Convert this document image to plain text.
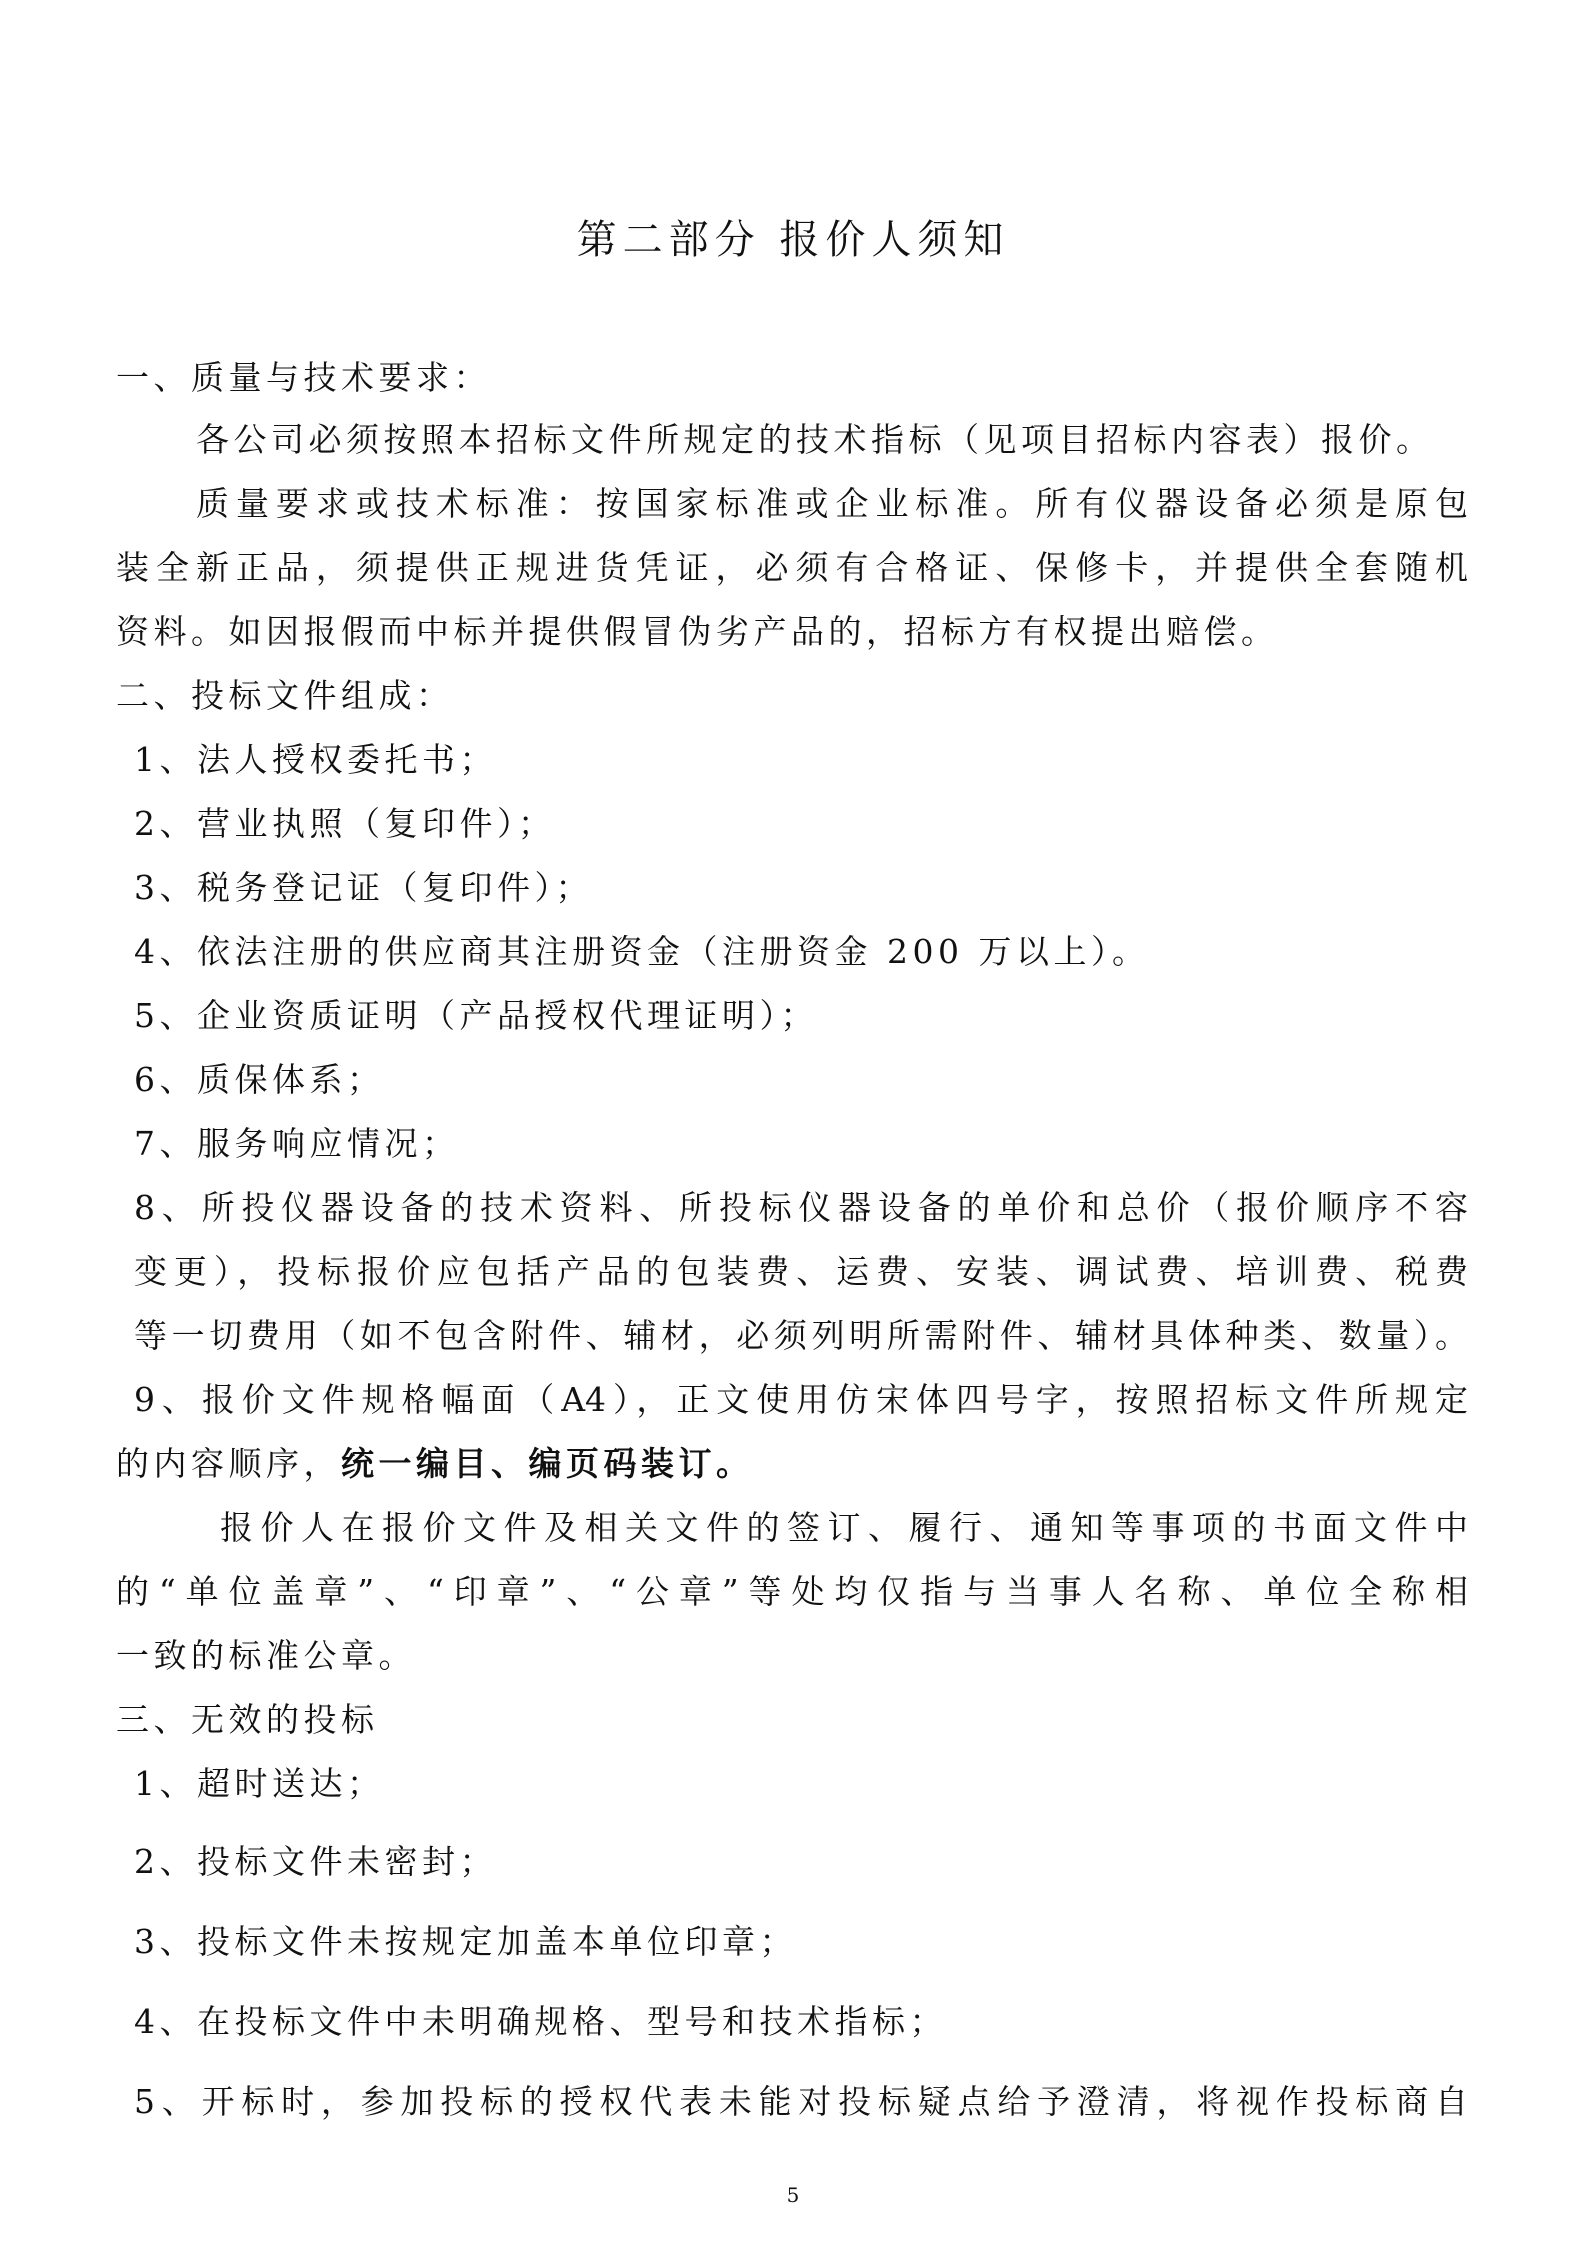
第二部分 报价人须知
一、质量与技术要求：
各公司必须按照本招标文件所规定的技术指标（见项目招标内容表）报价。
质量要求或技术标准：按国家标准或企业标准。所有仪器设备必须是原包
装全新正品，须提供正规进货凭证，必须有合格证、保修卡，并提供全套随机
资料。如因报假而中标并提供假冒伪劣产品的，招标方有权提出赔偿。
二、投标文件组成：
1、法人授权委托书；
2、营业执照（复印件）；
3、税务登记证（复印件）；
4、依法注册的供应商其注册资金（注册资金 200 万以上）。
5、企业资质证明（产品授权代理证明）；
6、质保体系；
7、服务响应情况；
8、所投仪器设备的技术资料、所投标仪器设备的单价和总价（报价顺序不容
变更），投标报价应包括产品的包装费、运费、安装、调试费、培训费、税费
等一切费用（如不包含附件、辅材，必须列明所需附件、辅材具体种类、数量）。
9、报价文件规格幅面（A4），正文使用仿宋体四号字，按照招标文件所规定
的内容顺序，统一编目、编页码装订。
报价人在报价文件及相关文件的签订、履行、通知等事项的书面文件中
的“单位盖章”、“印章”、“公章”等处均仅指与当事人名称、单位全称相
一致的标准公章。
三、无效的投标
1、超时送达；
2、投标文件未密封；
3、投标文件未按规定加盖本单位印章；
4、在投标文件中未明确规格、型号和技术指标；
5、开标时，参加投标的授权代表未能对投标疑点给予澄清，将视作投标商自
5
